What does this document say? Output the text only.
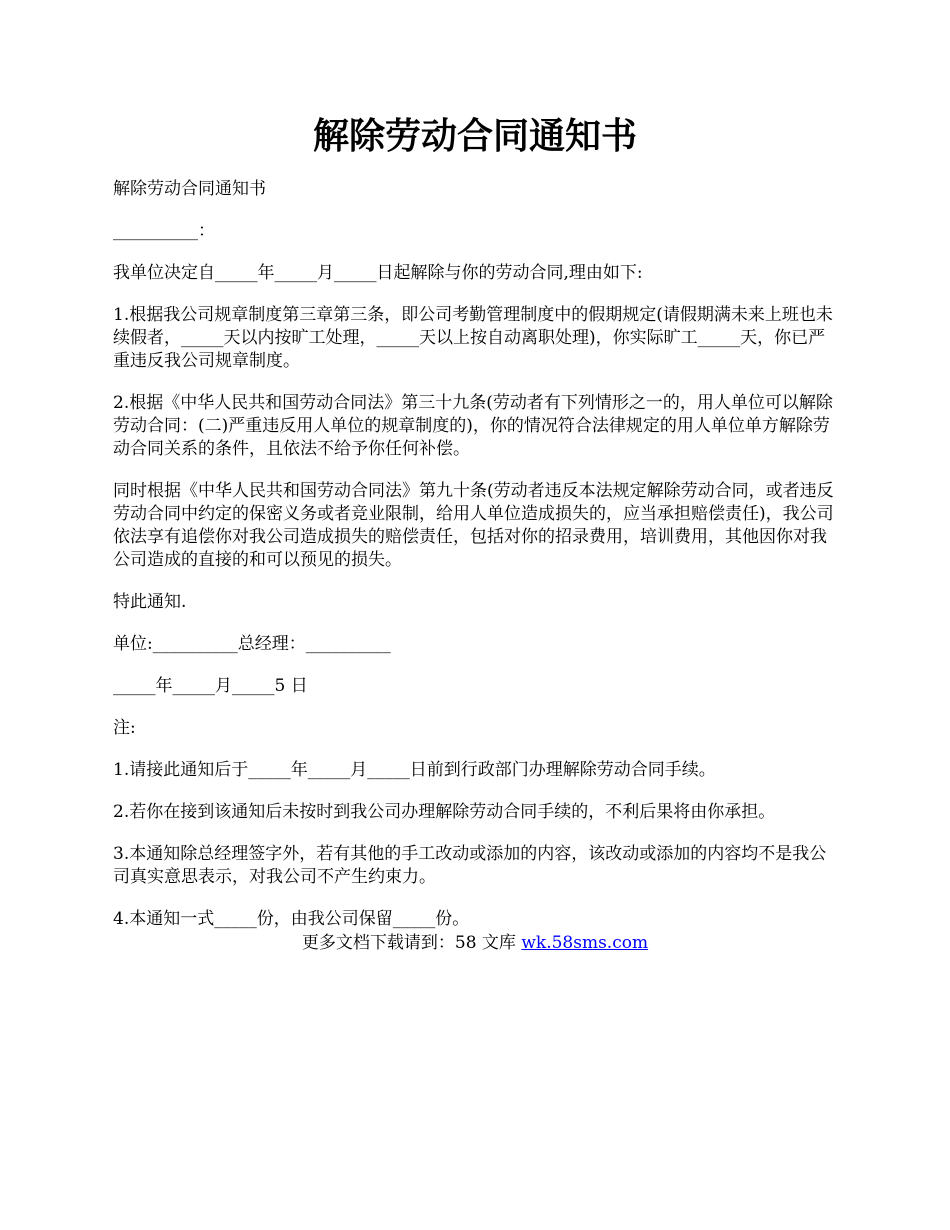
解除劳动合同通知书

解除劳动合同通知书

__________：

我单位决定自_____年_____月_____日起解除与你的劳动合同,理由如下:

1.根据我公司规章制度第三章第三条，即公司考勤管理制度中的假期规定(请假期满未来上班也未续假者，_____天以内按旷工处理，_____天以上按自动离职处理)，你实际旷工_____天，你已严重违反我公司规章制度。

2.根据《中华人民共和国劳动合同法》第三十九条(劳动者有下列情形之一的，用人单位可以解除劳动合同：(二)严重违反用人单位的规章制度的)，你的情况符合法律规定的用人单位单方解除劳动合同关系的条件，且依法不给予你任何补偿。

同时根据《中华人民共和国劳动合同法》第九十条(劳动者违反本法规定解除劳动合同，或者违反劳动合同中约定的保密义务或者竞业限制，给用人单位造成损失的，应当承担赔偿责任)，我公司依法享有追偿你对我公司造成损失的赔偿责任，包括对你的招录费用，培训费用，其他因你对我公司造成的直接的和可以预见的损失。

特此通知.

单位:__________总经理：__________

_____年_____月_____5 日

注:

1.请接此通知后于_____年_____月_____日前到行政部门办理解除劳动合同手续。

2.若你在接到该通知后未按时到我公司办理解除劳动合同手续的，不利后果将由你承担。

3.本通知除总经理签字外，若有其他的手工改动或添加的内容，该改动或添加的内容均不是我公司真实意思表示，对我公司不产生约束力。

4.本通知一式_____份，由我公司保留_____份。

更多文档下载请到：58 文库 wk.58sms.com
